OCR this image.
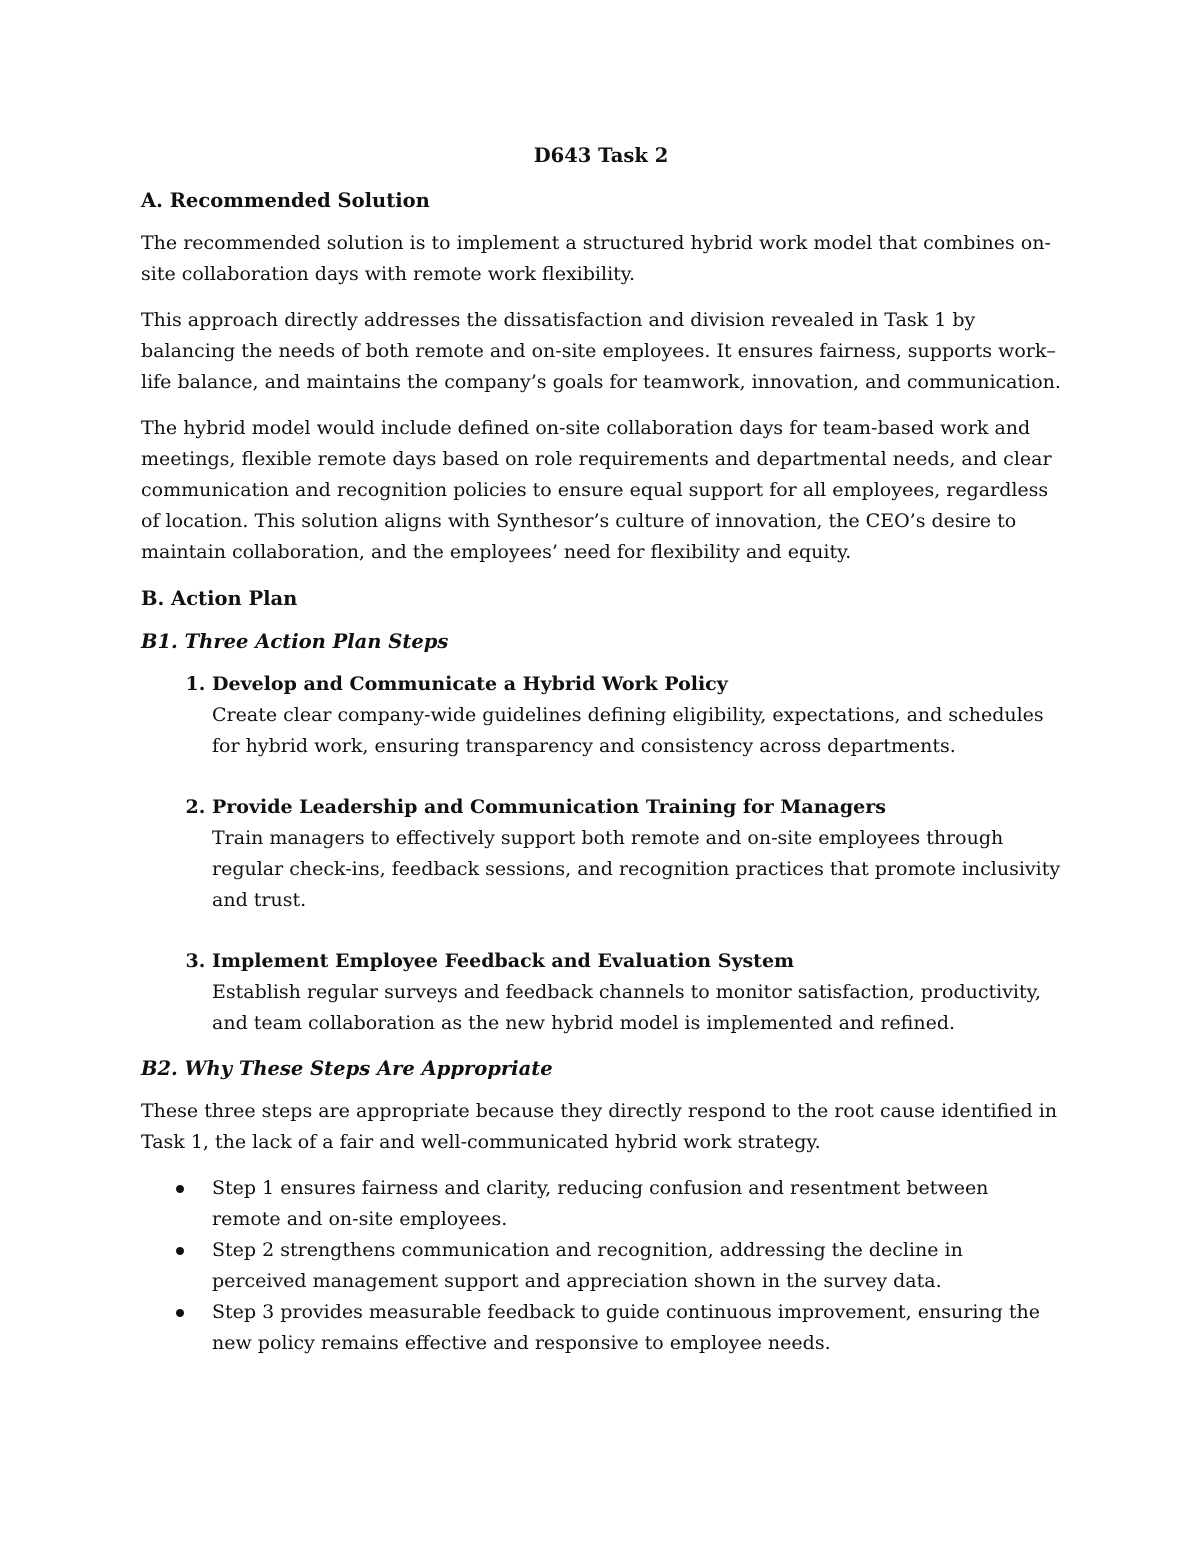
D643 Task 2
A. Recommended Solution

The recommended solution is to implement a structured hybrid work model that combines on-site collaboration days with remote work flexibility.

This approach directly addresses the dissatisfaction and division revealed in Task 1 by balancing the needs of both remote and on-site employees. It ensures fairness, supports work–life balance, and maintains the company’s goals for teamwork, innovation, and communication.

The hybrid model would include defined on-site collaboration days for team-based work and meetings, flexible remote days based on role requirements and departmental needs, and clear communication and recognition policies to ensure equal support for all employees, regardless of location. This solution aligns with Synthesor’s culture of innovation, the CEO’s desire to maintain collaboration, and the employees’ need for flexibility and equity.

B. Action Plan
B1. Three Action Plan Steps
1. Develop and Communicate a Hybrid Work Policy
Create clear company-wide guidelines defining eligibility, expectations, and schedules for hybrid work, ensuring transparency and consistency across departments.
2. Provide Leadership and Communication Training for Managers
Train managers to effectively support both remote and on-site employees through regular check-ins, feedback sessions, and recognition practices that promote inclusivity and trust.
3. Implement Employee Feedback and Evaluation System
Establish regular surveys and feedback channels to monitor satisfaction, productivity, and team collaboration as the new hybrid model is implemented and refined.
B2. Why These Steps Are Appropriate

These three steps are appropriate because they directly respond to the root cause identified in Task 1, the lack of a fair and well-communicated hybrid work strategy.

Step 1 ensures fairness and clarity, reducing confusion and resentment between remote and on-site employees.
Step 2 strengthens communication and recognition, addressing the decline in perceived management support and appreciation shown in the survey data.
Step 3 provides measurable feedback to guide continuous improvement, ensuring the new policy remains effective and responsive to employee needs.
